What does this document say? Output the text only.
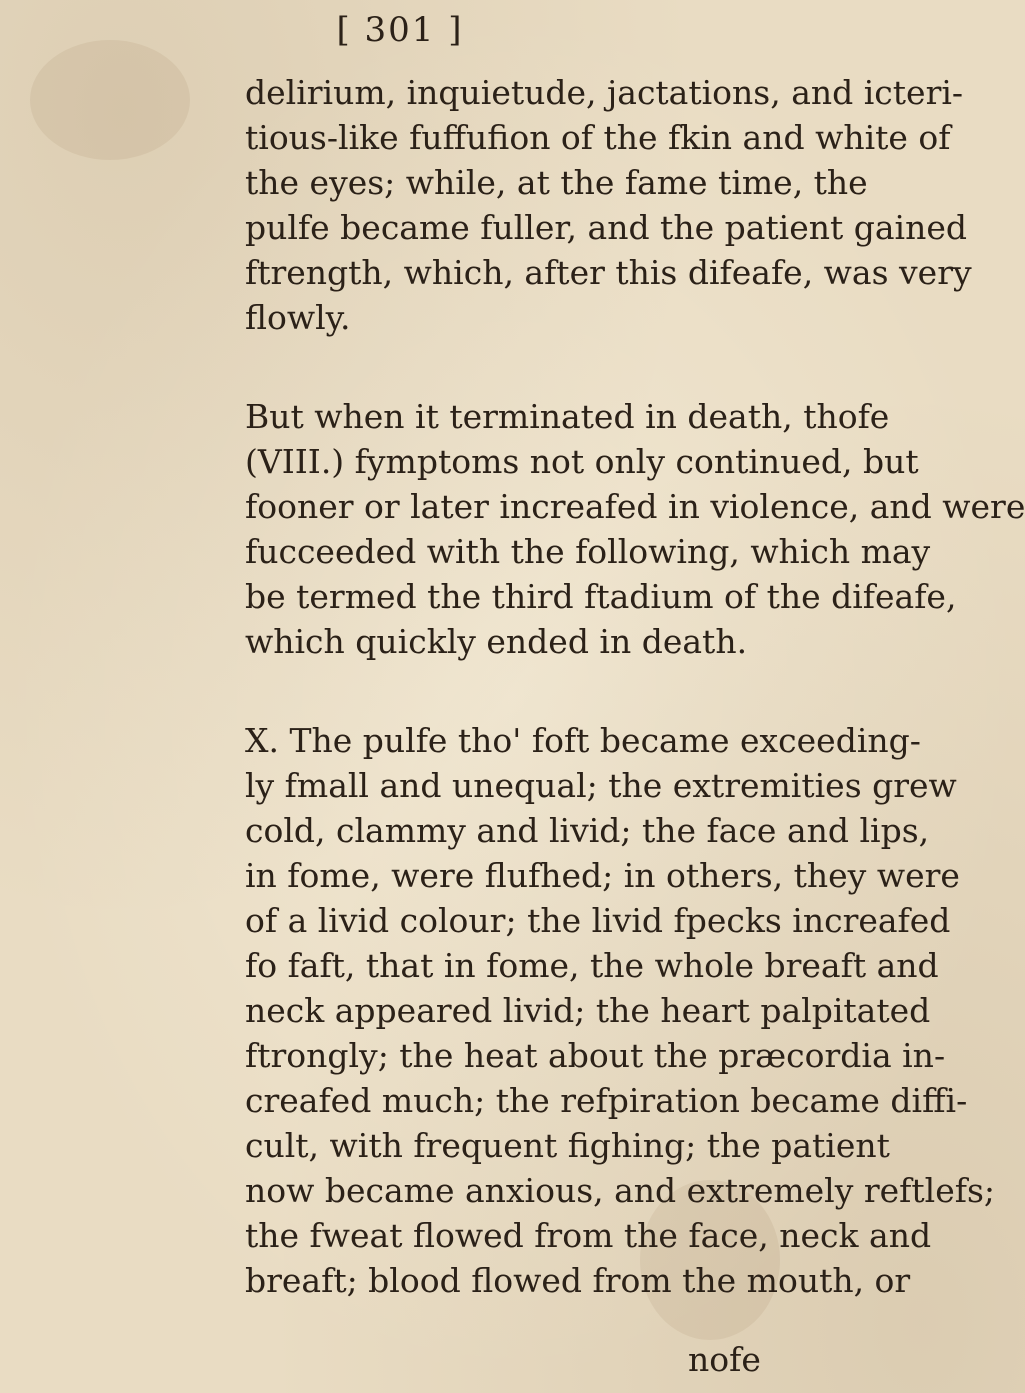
[ 301 ]
delirium, inquietude, jactations, and icteri-
tious-like fuffufion of the fkin and white of
the eyes; while, at the fame time, the
pulfe became fuller, and the patient gained
ftrength, which, after this difeafe, was very
flowly.
But when it terminated in death, thofe
(VIII.) fymptoms not only continued, but
fooner or later increafed in violence, and were
fucceeded with the following, which may
be termed the third ftadium of the difeafe,
which quickly ended in death.
X. The pulfe tho' foft became exceeding-
ly fmall and unequal; the extremities grew
cold, clammy and livid; the face and lips,
in fome, were flufhed; in others, they were
of a livid colour; the livid fpecks increafed
fo faft, that in fome, the whole breaft and
neck appeared livid; the heart palpitated
ftrongly; the heat about the præcordia in-
creafed much; the refpiration became diffi-
cult, with frequent fighing; the patient
now became anxious, and extremely reftlefs;
the fweat flowed from the face, neck and
breaft; blood flowed from the mouth, or
nofe
